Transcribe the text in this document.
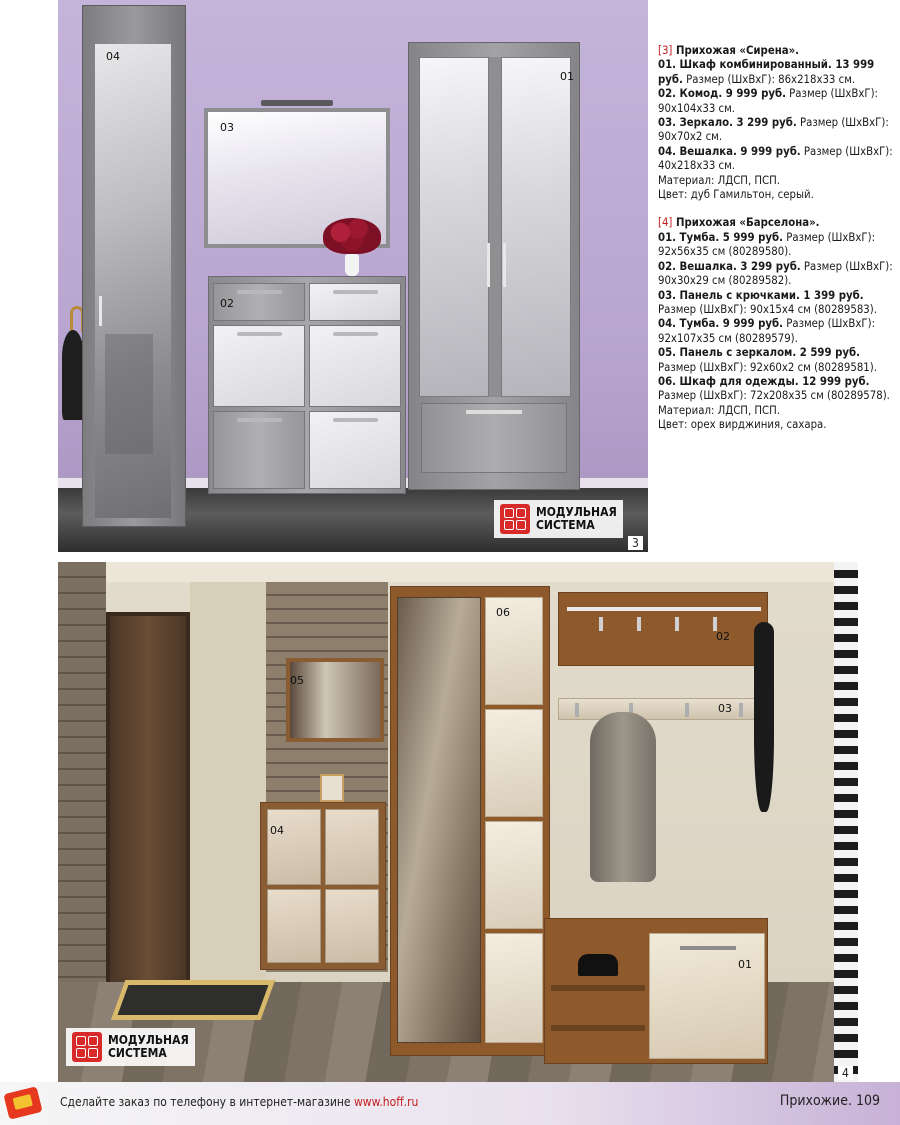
04
03
02
01
МОДУЛЬНАЯ
СИСТЕМА
3

[3] Прихожая «Сирена».

01. Шкаф комбинированный. 13 999 руб. Размер (ШхВхГ): 86x218x33 см.

02. Комод. 9 999 руб. Размер (ШхВхГ): 90x104x33 см.

03. Зеркало. 3 299 руб. Размер (ШхВхГ): 90x70x2 см.

04. Вешалка. 9 999 руб. Размер (ШхВхГ): 40x218x33 см.

Материал: ЛДСП, ПСП.

Цвет: дуб Гамильтон, серый.

[4] Прихожая «Барселона».

01. Тумба. 5 999 руб. Размер (ШхВхГ): 92x56x35 см (80289580).

02. Вешалка. 3 299 руб. Размер (ШхВхГ): 90x30x29 см (80289582).

03. Панель с крючками. 1 399 руб. Размер (ШхВхГ): 90x15x4 см (80289583).

04. Тумба. 9 999 руб. Размер (ШхВхГ): 92x107x35 см (80289579).

05. Панель с зеркалом. 2 599 руб. Размер (ШхВхГ): 92x60x2 см (80289581).

06. Шкаф для одежды. 12 999 руб. Размер (ШхВхГ): 72x208x35 см (80289578).

Материал: ЛДСП, ПСП.

Цвет: орех вирджиния, сахара.

06
02
05
03
04
01
МОДУЛЬНАЯ
СИСТЕМА
4
Сделайте заказ по телефону в интернет-магазине www.hoff.ru	Прихожие. 109
